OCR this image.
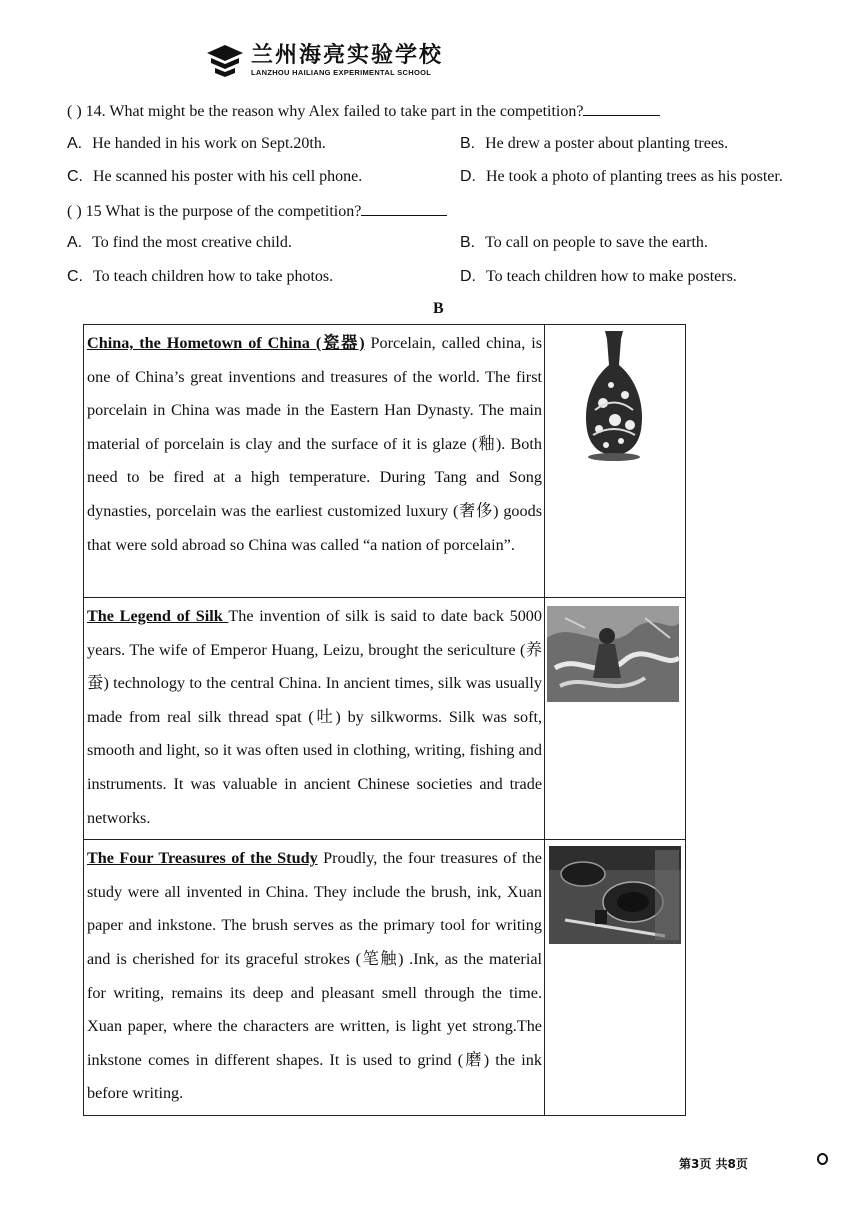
兰州海亮实验学校
LANZHOU HAILIANG EXPERIMENTAL SCHOOL
( ) 14. What might be the reason why Alex failed to take part in the competition?
A. He handed in his work on Sept.20th.	B. He drew a poster about planting trees.
C. He scanned his poster with his cell phone.	D. He took a photo of planting trees as his poster.
( ) 15 What is the purpose of the competition?
A. To find the most creative child.	B. To call on people to save the earth.
C. To teach children how to take photos.	D. To teach children how to make posters.
B
China, the Hometown of China (瓷器) Porcelain, called china, is one of China’s great inventions and treasures of the world. The first porcelain in China was made in the Eastern Han Dynasty. The main material of porcelain is clay and the surface of it is glaze (釉). Both need to be fired at a high temperature. During Tang and Song dynasties, porcelain was the earliest customized luxury (奢侈) goods that were sold abroad so China was called “a nation of porcelain”.	
The Legend of Silk The invention of silk is said to date back 5000 years. The wife of Emperor Huang, Leizu, brought the sericulture (养蚕) technology to the central China. In ancient times, silk was usually made from real silk thread spat (吐) by silkworms. Silk was soft, smooth and light, so it was often used in clothing, writing, fishing and instruments. It was valuable in ancient Chinese societies and trade networks.	
The Four Treasures of the Study Proudly, the four treasures of the study were all invented in China. They include the brush, ink, Xuan paper and inkstone. The brush serves as the primary tool for writing and is cherished for its graceful strokes (笔触) .Ink, as the material for writing, remains its deep and pleasant smell through the time. Xuan paper, where the characters are written, is light yet strong.The inkstone comes in different shapes. It is used to grind (磨) the ink before writing.	
第3页 共8页
